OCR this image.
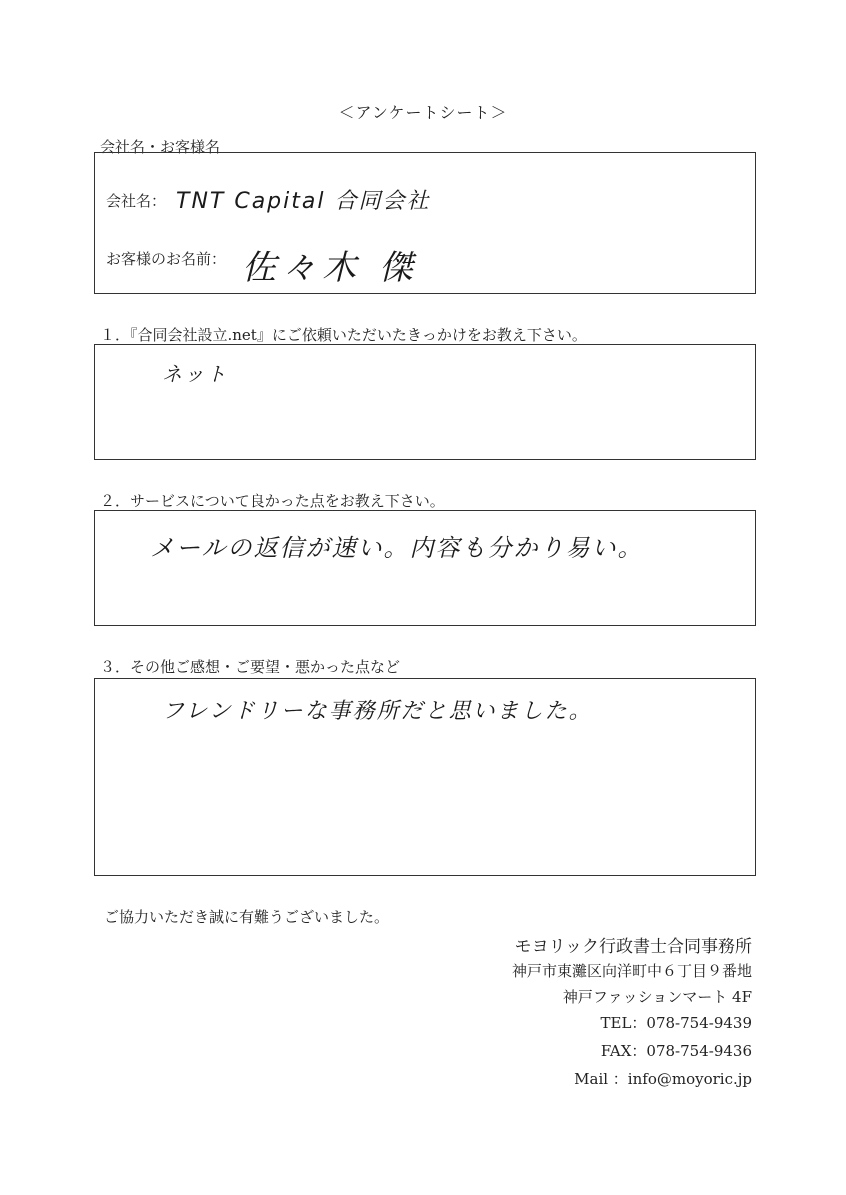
＜アンケートシート＞
会社名・お客様名
会社名： TNT Capital 合同会社
お客様のお名前： 佐々木 傑
１．『合同会社設立.net』にご依頼いただいたきっかけをお教え下さい。
ネット
２．サービスについて良かった点をお教え下さい。
メールの返信が速い。内容も分かり易い。
３．その他ご感想・ご要望・悪かった点など
フレンドリーな事務所だと思いました。
ご協力いただき誠に有難うございました。
モヨリック行政書士合同事務所
神戸市東灘区向洋町中６丁目９番地
神戸ファッションマート 4F
TEL：078-754-9439
FAX：078-754-9436
Mail ：info@moyoric.jp
